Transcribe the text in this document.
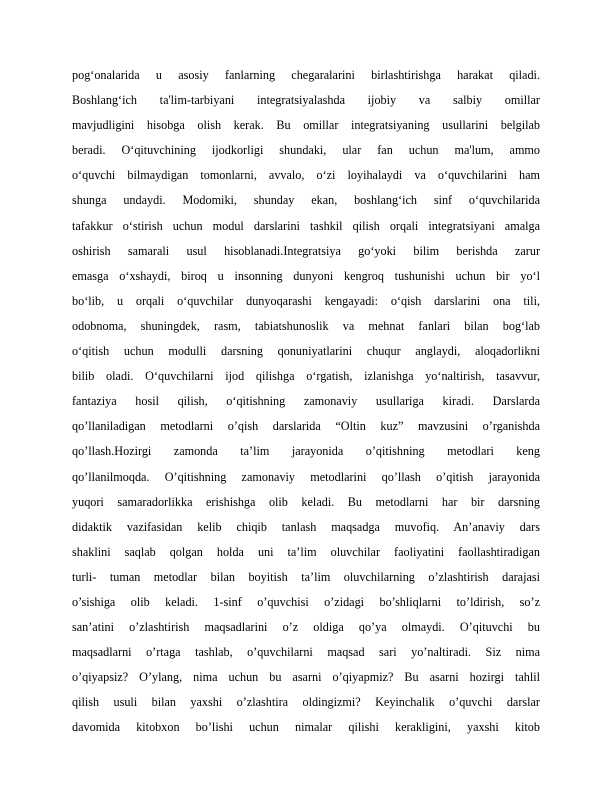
pog‘onalarida u asosiy fanlarning chegaralarini birlashtirishga harakat qiladi.
Boshlang‘ich ta'lim-tarbiyani integratsiyalashda ijobiy va salbiy omillar
mavjudligini hisobga olish kerak. Bu omillar integratsiyaning usullarini belgilab
beradi. O‘qituvchining ijodkorligi shundaki, ular fan uchun ma'lum, ammo
o‘quvchi bilmaydigan tomonlarni, avvalo, o‘zi loyihalaydi va o‘quvchilarini ham
shunga undaydi. Modomiki, shunday ekan, boshlang‘ich sinf o‘quvchilarida
tafakkur o‘stirish uchun modul darslarini tashkil qilish orqali integratsiyani amalga
oshirish samarali usul hisoblanadi.Integratsiya go‘yoki bilim berishda zarur
emasga o‘xshaydi, biroq u insonning dunyoni kengroq tushunishi uchun bir yo‘l
bo‘lib, u orqali o‘quvchilar dunyoqarashi kengayadi: o‘qish darslarini ona tili,
odobnoma, shuningdek, rasm, tabiatshunoslik va mehnat fanlari bilan bog‘lab
o‘qitish uchun modulli darsning qonuniyatlarini chuqur anglaydi, aloqadorlikni
bilib oladi. O‘quvchilarni ijod qilishga o‘rgatish, izlanishga yo‘naltirish, tasavvur,
fantaziya hosil qilish, o‘qitishning zamonaviy usullariga kiradi. Darslarda
qo’llaniladigan metodlarni o’qish darslarida “Oltin kuz” mavzusini o’rganishda
qo’llash.Hozirgi zamonda ta’lim jarayonida o’qitishning metodlari keng
qo’llanilmoqda. O’qitishning zamonaviy metodlarini qo’llash o’qitish jarayonida
yuqori samaradorlikka erishishga olib keladi. Bu metodlarni har bir darsning
didaktik vazifasidan kelib chiqib tanlash maqsadga muvofiq. An’anaviy dars
shaklini saqlab qolgan holda uni ta’lim oluvchilar faoliyatini faollashtiradigan
turli- tuman metodlar bilan boyitish ta’lim oluvchilarning o’zlashtirish darajasi
o’sishiga olib keladi. 1-sinf o’quvchisi o’zidagi bo’shliqlarni to’ldirish, so’z
san’atini o’zlashtirish maqsadlarini o’z oldiga qo’ya olmaydi. O’qituvchi bu
maqsadlarni o’rtaga tashlab, o’quvchilarni maqsad sari yo’naltiradi. Siz nima
o’qiyapsiz? O’ylang, nima uchun bu asarni o’qiyapmiz? Bu asarni hozirgi tahlil
qilish usuli bilan yaxshi o’zlashtira oldingizmi? Keyinchalik o’quvchi darslar
davomida kitobxon bo’lishi uchun nimalar qilishi kerakligini, yaxshi kitob
